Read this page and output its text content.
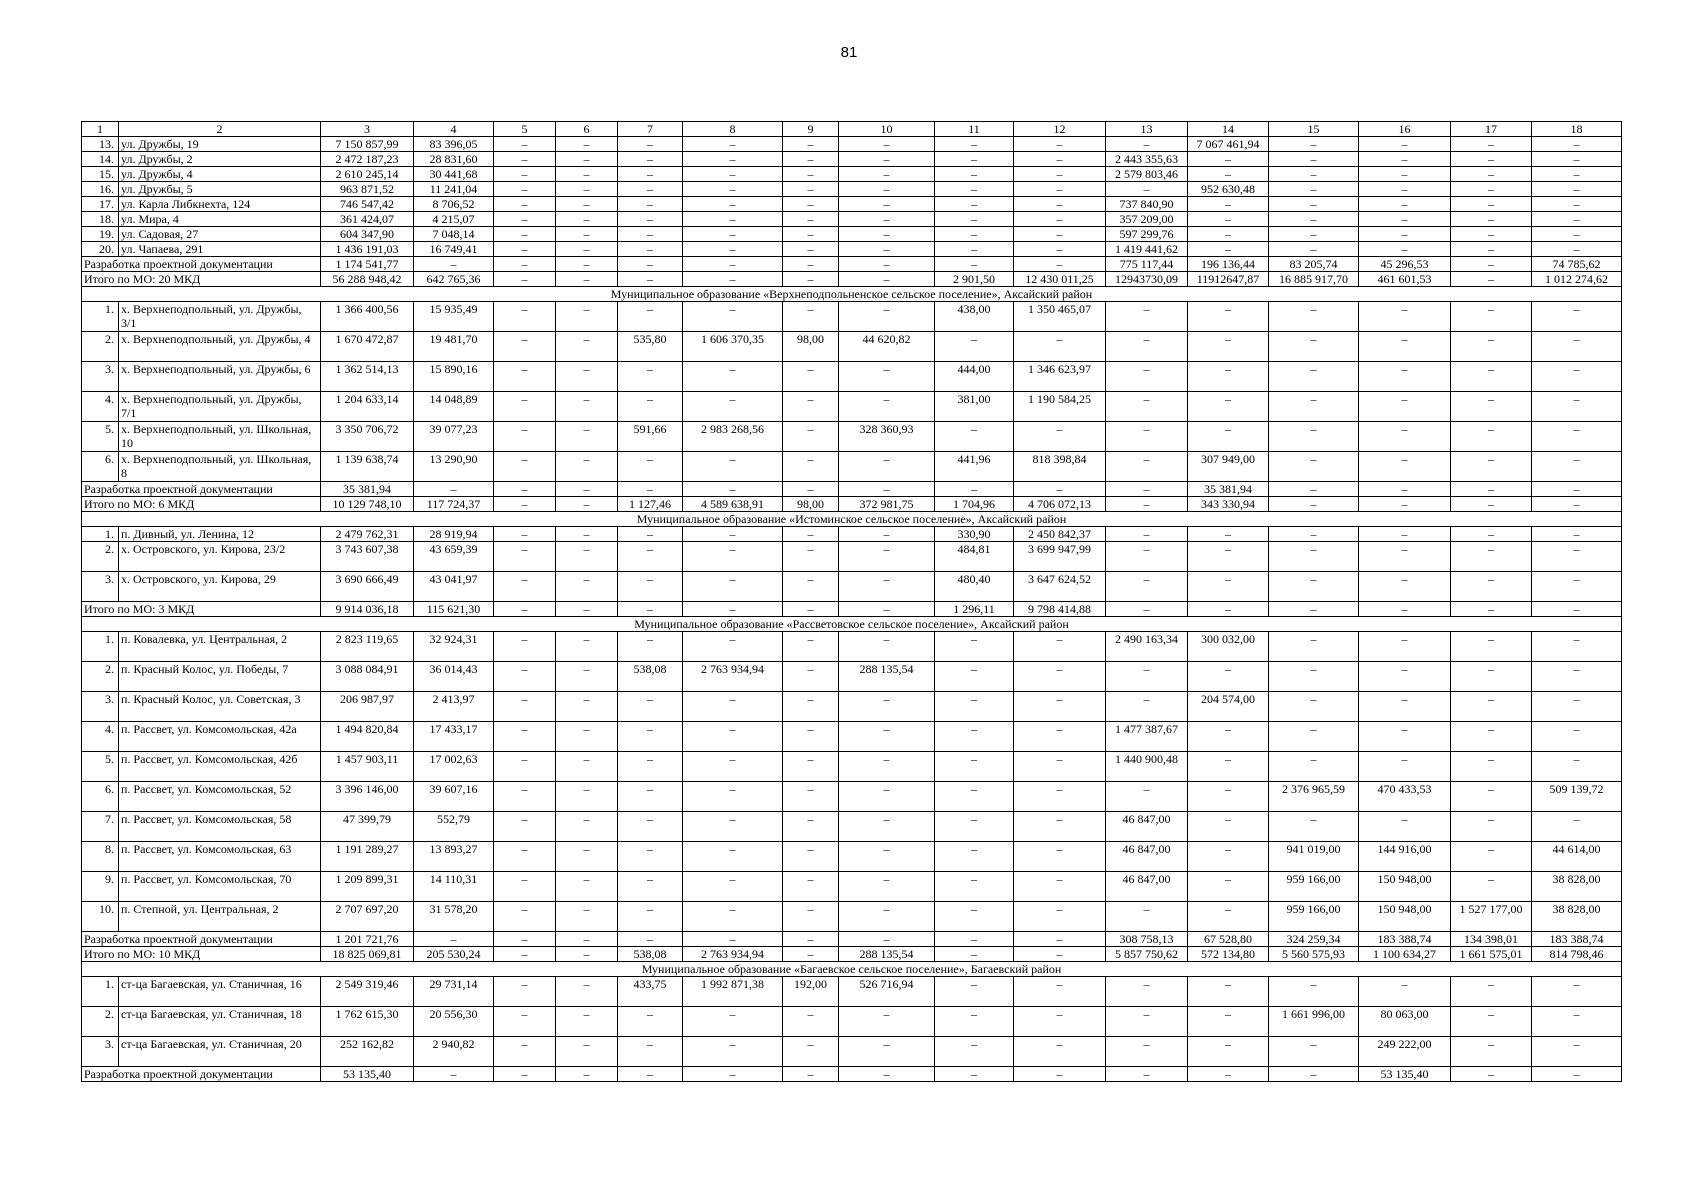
81
1	2	3	4	5	6	7	8	9	10	11	12	13	14	15	16	17	18
13.	ул. Дружбы, 19	7 150 857,99	83 396,05	–	–	–	–	–	–	–	–	–	7 067 461,94	–	–	–	–
14.	ул. Дружбы, 2	2 472 187,23	28 831,60	–	–	–	–	–	–	–	–	2 443 355,63	–	–	–	–	–
15.	ул. Дружбы, 4	2 610 245,14	30 441,68	–	–	–	–	–	–	–	–	2 579 803,46	–	–	–	–	–
16.	ул. Дружбы, 5	963 871,52	11 241,04	–	–	–	–	–	–	–	–	–	952 630,48	–	–	–	–
17.	ул. Карла Либкнехта, 124	746 547,42	8 706,52	–	–	–	–	–	–	–	–	737 840,90	–	–	–	–	–
18.	ул. Мира, 4	361 424,07	4 215,07	–	–	–	–	–	–	–	–	357 209,00	–	–	–	–	–
19.	ул. Садовая, 27	604 347,90	7 048,14	–	–	–	–	–	–	–	–	597 299,76	–	–	–	–	–
20.	ул. Чапаева, 291	1 436 191,03	16 749,41	–	–	–	–	–	–	–	–	1 419 441,62	–	–	–	–	–
Разработка проектной документации		1 174 541,77	–	–	–	–	–	–	–	–	–	775 117,44	196 136,44	83 205,74	45 296,53	–	74 785,62
Итого по МО: 20 МКД		56 288 948,42	642 765,36	–	–	–	–	–	–	2 901,50	12 430 011,25	12943730,09	11912647,87	16 885 917,70	461 601,53	–	1 012 274,62
Муниципальное образование «Верхнеподпольненское сельское поселение», Аксайский район																	
1.	х. Верхнеподпольный, ул. Дружбы, 3/1	1 366 400,56	15 935,49	–	–	–	–	–	–	438,00	1 350 465,07	–	–	–	–	–	–
2.	х. Верхнеподпольный, ул. Дружбы, 4	1 670 472,87	19 481,70	–	–	535,80	1 606 370,35	98,00	44 620,82	–	–	–	–	–	–	–	–
3.	х. Верхнеподпольный, ул. Дружбы, 6	1 362 514,13	15 890,16	–	–	–	–	–	–	444,00	1 346 623,97	–	–	–	–	–	–
4.	х. Верхнеподпольный, ул. Дружбы, 7/1	1 204 633,14	14 048,89	–	–	–	–	–	–	381,00	1 190 584,25	–	–	–	–	–	–
5.	х. Верхнеподпольный, ул. Школьная, 10	3 350 706,72	39 077,23	–	–	591,66	2 983 268,56	–	328 360,93	–	–	–	–	–	–	–	–
6.	х. Верхнеподпольный, ул. Школьная, 8	1 139 638,74	13 290,90	–	–	–	–	–	–	441,96	818 398,84	–	307 949,00	–	–	–	–
Разработка проектной документации		35 381,94	–	–	–	–	–	–	–	–	–	–	35 381,94	–	–	–	–
Итого по МО: 6 МКД		10 129 748,10	117 724,37	–	–	1 127,46	4 589 638,91	98,00	372 981,75	1 704,96	4 706 072,13	–	343 330,94	–	–	–	–
Муниципальное образование «Истоминское сельское поселение», Аксайский район																	
1.	п. Дивный, ул. Ленина, 12	2 479 762,31	28 919,94	–	–	–	–	–	–	330,90	2 450 842,37	–	–	–	–	–	–
2.	х. Островского, ул. Кирова, 23/2	3 743 607,38	43 659,39	–	–	–	–	–	–	484,81	3 699 947,99	–	–	–	–	–	–
3.	х. Островского, ул. Кирова, 29	3 690 666,49	43 041,97	–	–	–	–	–	–	480,40	3 647 624,52	–	–	–	–	–	–
Итого по МО: 3 МКД		9 914 036,18	115 621,30	–	–	–	–	–	–	1 296,11	9 798 414,88	–	–	–	–	–	–
Муниципальное образование «Рассветовское сельское поселение», Аксайский район																	
1.	п. Ковалевка, ул. Центральная, 2	2 823 119,65	32 924,31	–	–	–	–	–	–	–	–	2 490 163,34	300 032,00	–	–	–	–
2.	п. Красный Колос, ул. Победы, 7	3 088 084,91	36 014,43	–	–	538,08	2 763 934,94	–	288 135,54	–	–	–	–	–	–	–	–
3.	п. Красный Колос, ул. Советская, 3	206 987,97	2 413,97	–	–	–	–	–	–	–	–	–	204 574,00	–	–	–	–
4.	п. Рассвет, ул. Комсомольская, 42а	1 494 820,84	17 433,17	–	–	–	–	–	–	–	–	1 477 387,67	–	–	–	–	–
5.	п. Рассвет, ул. Комсомольская, 42б	1 457 903,11	17 002,63	–	–	–	–	–	–	–	–	1 440 900,48	–	–	–	–	–
6.	п. Рассвет, ул. Комсомольская, 52	3 396 146,00	39 607,16	–	–	–	–	–	–	–	–	–	–	2 376 965,59	470 433,53	–	509 139,72
7.	п. Рассвет, ул. Комсомольская, 58	47 399,79	552,79	–	–	–	–	–	–	–	–	46 847,00	–	–	–	–	–
8.	п. Рассвет, ул. Комсомольская, 63	1 191 289,27	13 893,27	–	–	–	–	–	–	–	–	46 847,00	–	941 019,00	144 916,00	–	44 614,00
9.	п. Рассвет, ул. Комсомольская, 70	1 209 899,31	14 110,31	–	–	–	–	–	–	–	–	46 847,00	–	959 166,00	150 948,00	–	38 828,00
10.	п. Степной, ул. Центральная, 2	2 707 697,20	31 578,20	–	–	–	–	–	–	–	–	–	–	959 166,00	150 948,00	1 527 177,00	38 828,00
Разработка проектной документации		1 201 721,76	–	–	–	–	–	–	–	–	–	308 758,13	67 528,80	324 259,34	183 388,74	134 398,01	183 388,74
Итого по МО: 10 МКД		18 825 069,81	205 530,24	–	–	538,08	2 763 934,94	–	288 135,54	–	–	5 857 750,62	572 134,80	5 560 575,93	1 100 634,27	1 661 575,01	814 798,46
Муниципальное образование «Багаевское сельское поселение», Багаевский район																	
1.	ст-ца Багаевская, ул. Станичная, 16	2 549 319,46	29 731,14	–	–	433,75	1 992 871,38	192,00	526 716,94	–	–	–	–	–	–	–	–
2.	ст-ца Багаевская, ул. Станичная, 18	1 762 615,30	20 556,30	–	–	–	–	–	–	–	–	–	–	1 661 996,00	80 063,00	–	–
3.	ст-ца Багаевская, ул. Станичная, 20	252 162,82	2 940,82	–	–	–	–	–	–	–	–	–	–	–	249 222,00	–	–
Разработка проектной документации		53 135,40	–	–	–	–	–	–	–	–	–	–	–	–	53 135,40	–	–
